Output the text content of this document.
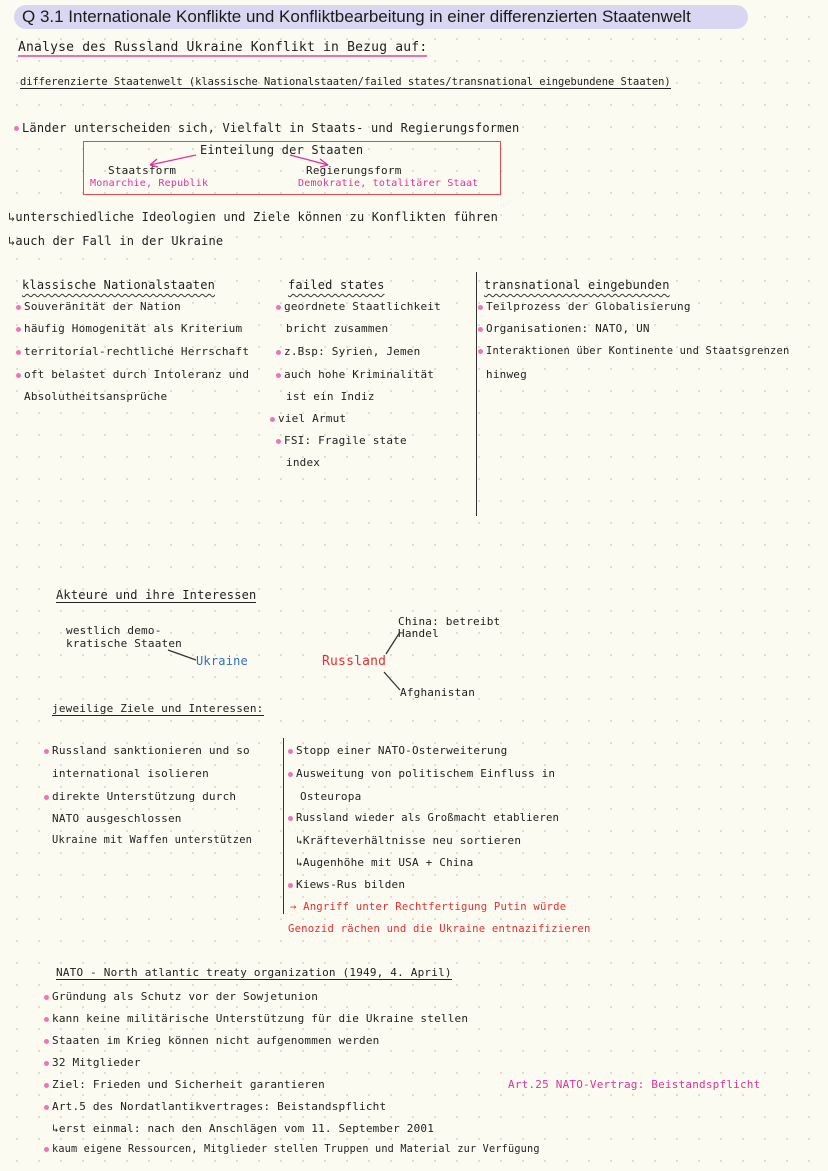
Q 3.1 Internationale Konflikte und Konfliktbearbeitung in einer differenzierten Staatenwelt
Analyse des Russland Ukraine Konflikt in Bezug auf:
differenzierte Staatenwelt (klassische Nationalstaaten/failed states/transnational eingebundene Staaten)
Länder unterscheiden sich, Vielfalt in Staats- und Regierungsformen
Einteilung der Staaten
Staatsform
Monarchie, Republik
Regierungsform
Demokratie, totalitärer Staat
↳unterschiedliche Ideologien und Ziele können zu Konflikten führen
↳auch der Fall in der Ukraine
klassische Nationalstaaten
Souveränität der Nation
häufig Homogenität als Kriterium
territorial-rechtliche Herrschaft
oft belastet durch Intoleranz und
Absolutheitsansprüche
failed states
geordnete Staatlichkeit
bricht zusammen
z.Bsp: Syrien, Jemen
auch hohe Kriminalität
ist ein Indiz
viel Armut
FSI: Fragile state
index
transnational eingebunden
Teilprozess der Globalisierung
Organisationen: NATO, UN
Interaktionen über Kontinente und Staatsgrenzen
hinweg
Akteure und ihre Interessen
westlich demo-
kratische Staaten
Ukraine	Russland
China: betreibt
Handel
Afghanistan
jeweilige Ziele und Interessen:
Russland sanktionieren und so
international isolieren
direkte Unterstützung durch
NATO ausgeschlossen
Ukraine mit Waffen unterstützen
Stopp einer NATO-Osterweiterung
Ausweitung von politischem Einfluss in
Osteuropa
Russland wieder als Großmacht etablieren
↳Kräfteverhältnisse neu sortieren
↳Augenhöhe mit USA + China
Kiews-Rus bilden
→ Angriff unter Rechtfertigung Putin würde
Genozid rächen und die Ukraine entnazifizieren
NATO - North atlantic treaty organization (1949, 4. April)
Gründung als Schutz vor der Sowjetunion
kann keine militärische Unterstützung für die Ukraine stellen
Staaten im Krieg können nicht aufgenommen werden
32 Mitglieder
Ziel: Frieden und Sicherheit garantieren
Art.5 des Nordatlantikvertrages: Beistandspflicht
↳erst einmal: nach den Anschlägen vom 11. September 2001
kaum eigene Ressourcen, Mitglieder stellen Truppen und Material zur Verfügung
Art.25 NATO-Vertrag: Beistandspflicht
